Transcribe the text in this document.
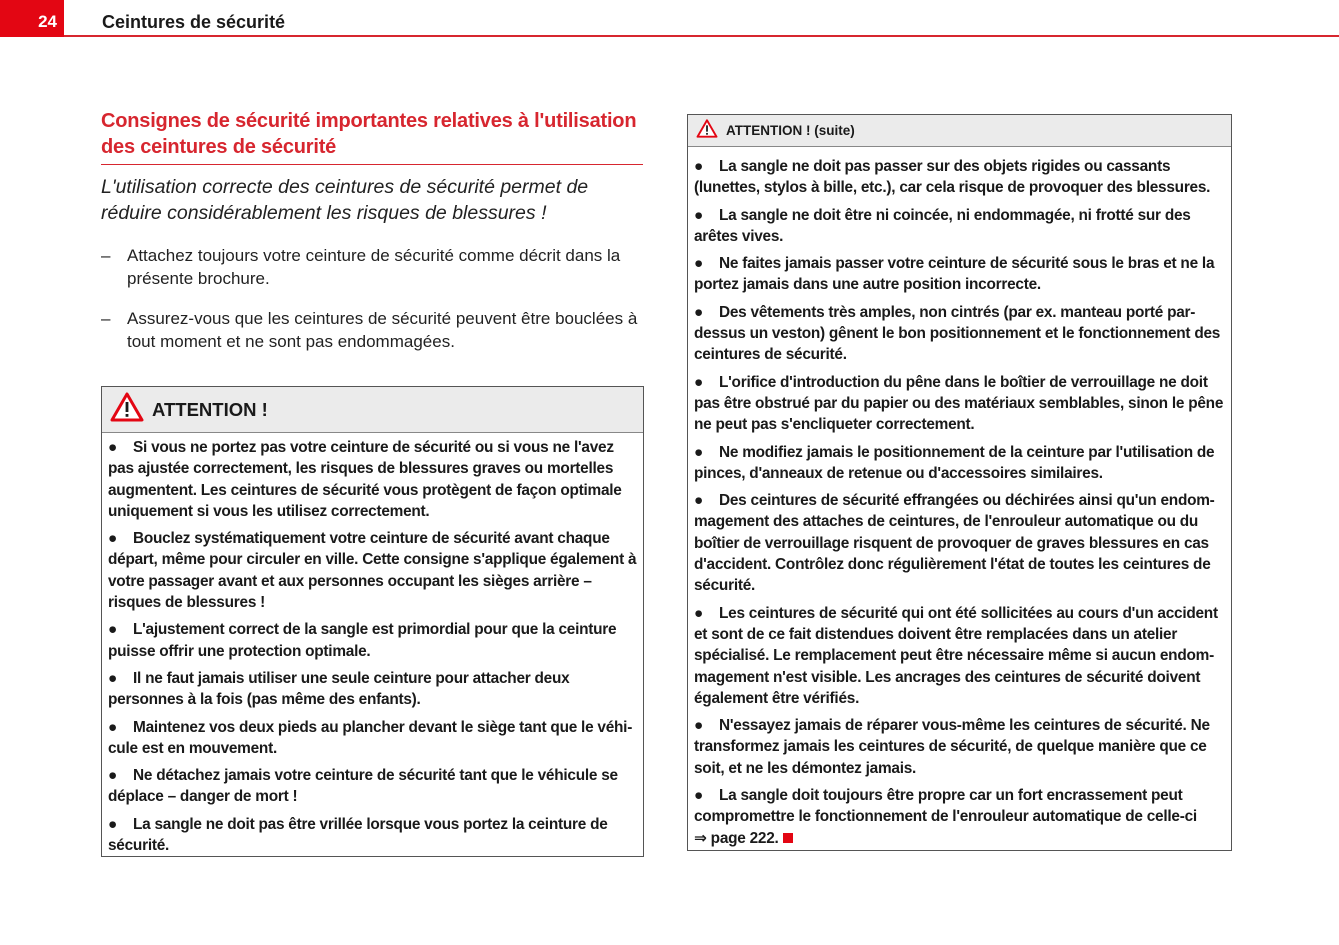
24	Ceintures de sécurité
Consignes de sécurité importantes relatives à l'utilisation des ceintures de sécurité
L'utilisation correcte des ceintures de sécurité permet de réduire considérablement les risques de blessures !
– Attachez toujours votre ceinture de sécurité comme décrit dans la présente brochure.
– Assurez-vous que les ceintures de sécurité peuvent être bouclées à tout moment et ne sont pas endommagées.
ATTENTION !
● Si vous ne portez pas votre ceinture de sécurité ou si vous ne l'avez pas ajustée correctement, les risques de blessures graves ou mortelles augmentent. Les ceintures de sécurité vous protègent de façon optimale uniquement si vous les utilisez correctement.
● Bouclez systématiquement votre ceinture de sécurité avant chaque départ, même pour circuler en ville. Cette consigne s'applique également à votre passager avant et aux personnes occupant les sièges arrière – risques de blessures !
● L'ajustement correct de la sangle est primordial pour que la ceinture puisse offrir une protection optimale.
● Il ne faut jamais utiliser une seule ceinture pour attacher deux personnes à la fois (pas même des enfants).
● Maintenez vos deux pieds au plancher devant le siège tant que le véhi-cule est en mouvement.
● Ne détachez jamais votre ceinture de sécurité tant que le véhicule se déplace – danger de mort !
● La sangle ne doit pas être vrillée lorsque vous portez la ceinture de sécurité.
ATTENTION ! (suite)
● La sangle ne doit pas passer sur des objets rigides ou cassants (lunettes, stylos à bille, etc.), car cela risque de provoquer des blessures.
● La sangle ne doit être ni coincée, ni endommagée, ni frotté sur des arêtes vives.
● Ne faites jamais passer votre ceinture de sécurité sous le bras et ne la portez jamais dans une autre position incorrecte.
● Des vêtements très amples, non cintrés (par ex. manteau porté par-dessus un veston) gênent le bon positionnement et le fonctionnement des ceintures de sécurité.
● L'orifice d'introduction du pêne dans le boîtier de verrouillage ne doit pas être obstrué par du papier ou des matériaux semblables, sinon le pêne ne peut pas s'encliqueter correctement.
● Ne modifiez jamais le positionnement de la ceinture par l'utilisation de pinces, d'anneaux de retenue ou d'accessoires similaires.
● Des ceintures de sécurité effrangées ou déchirées ainsi qu'un endom-magement des attaches de ceintures, de l'enrouleur automatique ou du boîtier de verrouillage risquent de provoquer de graves blessures en cas d'accident. Contrôlez donc régulièrement l'état de toutes les ceintures de sécurité.
● Les ceintures de sécurité qui ont été sollicitées au cours d'un accident et sont de ce fait distendues doivent être remplacées dans un atelier spécialisé. Le remplacement peut être nécessaire même si aucun endom-magement n'est visible. Les ancrages des ceintures de sécurité doivent également être vérifiés.
● N'essayez jamais de réparer vous-même les ceintures de sécurité. Ne transformez jamais les ceintures de sécurité, de quelque manière que ce soit, et ne les démontez jamais.
● La sangle doit toujours être propre car un fort encrassement peut compromettre le fonctionnement de l'enrouleur automatique de celle-ci
⇒ page 222.
